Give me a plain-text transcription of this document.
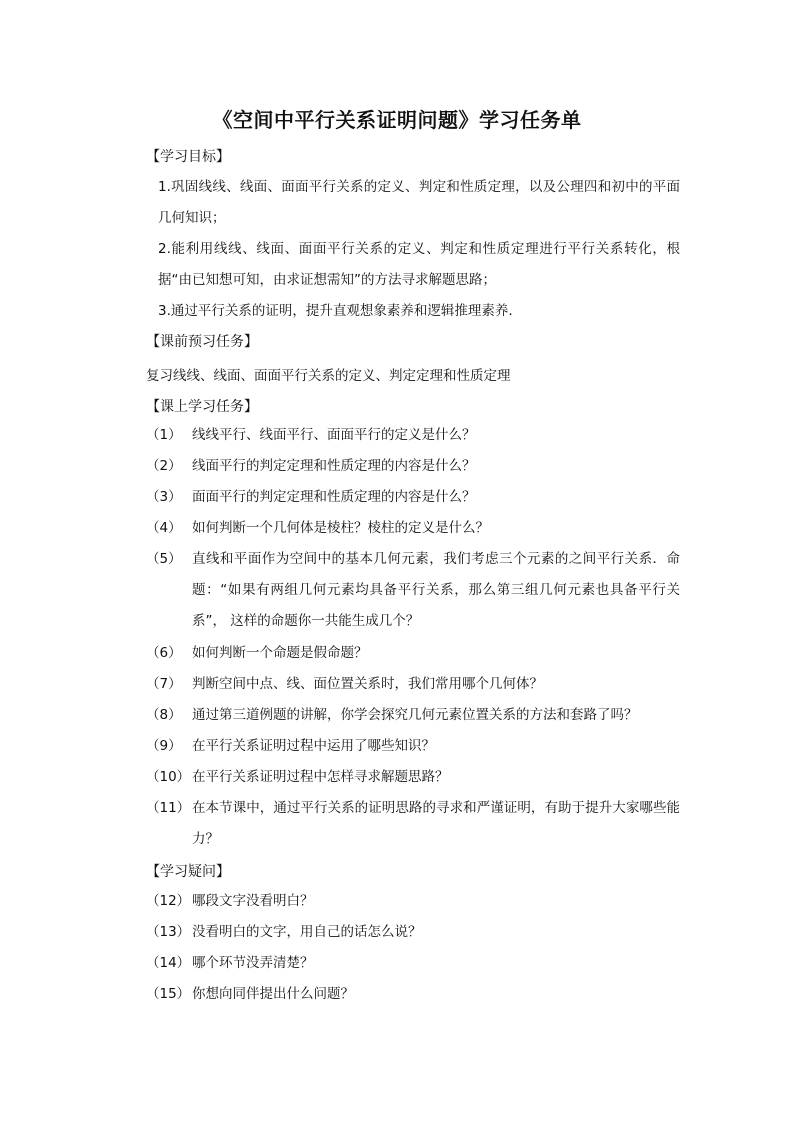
《空间中平行关系证明问题》学习任务单
【学习目标】
1.巩固线线、线面、面面平行关系的定义、判定和性质定理，以及公理四和初中的平面几何知识；
2.能利用线线、线面、面面平行关系的定义、判定和性质定理进行平行关系转化，根据“由已知想可知，由求证想需知”的方法寻求解题思路；
3.通过平行关系的证明，提升直观想象素养和逻辑推理素养.
【课前预习任务】
复习线线、线面、面面平行关系的定义、判定定理和性质定理
【课上学习任务】
（1） 线线平行、线面平行、面面平行的定义是什么？
（2） 线面平行的判定定理和性质定理的内容是什么？
（3） 面面平行的判定定理和性质定理的内容是什么？
（4） 如何判断一个几何体是棱柱？棱柱的定义是什么？
（5） 直线和平面作为空间中的基本几何元素，我们考虑三个元素的之间平行关系．命题：“如果有两组几何元素均具备平行关系，那么第三组几何元素也具备平行关系”， 这样的命题你一共能生成几个？
（6） 如何判断一个命题是假命题？
（7） 判断空间中点、线、面位置关系时，我们常用哪个几何体？
（8） 通过第三道例题的讲解，你学会探究几何元素位置关系的方法和套路了吗？
（9） 在平行关系证明过程中运用了哪些知识？
（10） 在平行关系证明过程中怎样寻求解题思路？
（11） 在本节课中，通过平行关系的证明思路的寻求和严谨证明，有助于提升大家哪些能力？
【学习疑问】
（12） 哪段文字没看明白？
（13） 没看明白的文字，用自己的话怎么说？
（14） 哪个环节没弄清楚？
（15） 你想向同伴提出什么问题？
